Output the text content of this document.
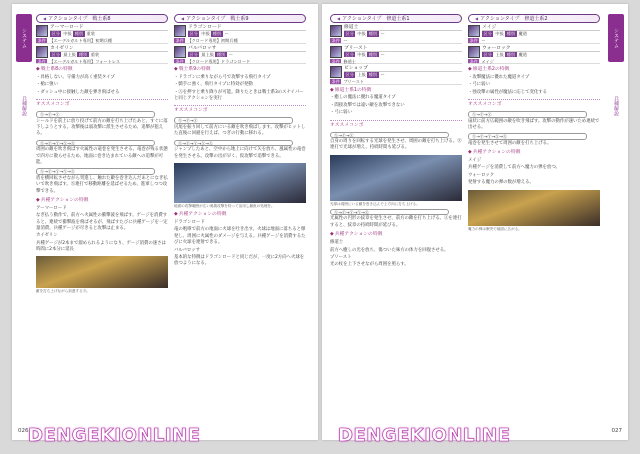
システム
兵種解説
◀ アクションタイプ　戦士系8
アーマーロード
区分 中級
種別 重装
条件 【エーデルガルト専用】初期兵種
カイゼリン
区分 最上級
種別 重装
条件 【エーデルガルト専用】フォートレス
◆ 戦士系8の特徴
・昇格しない。守備力が高く重装タイプ
・槍に強い
・ダッシュ中に接触した敵を弾き飛ばせる
オススメコンボ
Ⓨ→Ⓨ→Ⓧ
シールドを前上に放り投げて前方の敵を打ち上げたあと、すぐに落下しようとする。攻撃後は弱攻撃に派生させるため、追撃が狙える。
Ⓨ→Ⓨ→Ⓨ→Ⓧ→Ⓧ
周囲の敵を吹き飛ばす火属性の竜巻を発生させる。竜巻が残る状態で四方に散らせるため、地面に巻き込まれている敵への追撃が可能。
Ⓨ→Ⓨ→Ⓨ→Ⓨ→Ⓧ
盾を横回転させながら突進し、触れた敵を巻き込んだあとになぎ払いで吹き飛ばす。Ⓧ連打で移動距離を延ばせるため、進軍しつつ攻撃できる。
◆ 兵種アクションの特徴
アーマーロード
なぎ払う動作で、前方へ火属性の衝撃波を飛ばす。ゲージを消費すると、連続で衝撃波を飛ばせるが、飛ばすたびに兵種ゲージを一定量消費。兵種ゲージが尽きると攻撃は止まる。
カイゼリン
兵種ゲージが2本まで溜められるようになり、ゲージ消費の速さは時間に2本分に延長
敵を打ち上げながら前進するⒹ。
◀ アクションタイプ　戦士系9
ドラゴンロード
区分 中級
種別 ー
条件 【クロード専用】初期兵種
バルバロッサ
区分 最上級
種別 ー
条件 【クロード専用】ドラゴンロード
◆ 戦士系9の特徴
・ドラゴンに乗りながら弓で攻撃する飛行タイプ
・騎手に強く、飛行タイプに特効が発動
・Ⓐを押すと乗り降りが可能。降りたときは戦士系3のスナイパーと同じアクションを実行
オススメコンボ
Ⓨ→Ⓨ→Ⓧ
尻尾を振り回して前方にいる敵を吹き飛ばします。攻撃がヒットした直後に回避を行えば、つぎの行動に移れる。
Ⓨ→Ⓨ→Ⓨ→Ⓧ→Ⓧ
ジャンプしたあと、空中から地上に向けて矢を放ち、風属性の竜巻を発生させる。攻撃の出が早く、仮攻撃で追撃できる。
地面の攻撃範囲が広い奥義攻撃を待って活用し雑魚の処理を。
◆ 兵種アクションの特徴
ドラゴンロード
竜の咆哮で前方の地面に火球を吐き出す。火球は地面に落ちると爆発し、周囲に火属性のダメージを与える。兵種ゲージを消費するたびに火球を連射できる。
バルバロッサ
基本的な特徴はドラゴンロードと同じだが、一度に2方向へ火球を放つようになる。
026
システム
兵種解説
◀ アクションタイプ　修道士系1
修道士
区分 中級
種別 ー
条件 ー
プリースト
区分 中級
種別 ー
条件 修道士
ビショップ
区分 上級
種別 ー
条件 プリースト
◆ 修道士系1の特徴
・癒しの魔法に優れる魔道タイプ
・間接攻撃では遠い敵を攻撃できない
・弓に弱い
オススメコンボ
Ⓨ→Ⓨ→Ⓧ
自身の周りを回転する光球を発生させ、周囲の敵を打ち上げる。Ⓧ連打で光球が増え、持続時間も延びる。
光球は周囲にいる敵を巻き込んで上方向に打ち上げる。
Ⓨ→Ⓨ→Ⓨ→Ⓨ→Ⓧ
光属性の円形の紋章を発生させ、前方の敵を打ち上げる。Ⓐを連打すると、紋章の持続時間が延びる。
◆ 兵種アクションの特徴
修道士
前方へ癒しの光を放ち、傷ついた味方の体力を回復させる。
プリースト
光の杖を上下させながら周囲を照らす。
◀ アクションタイプ　修道士系2
メイジ
区分 中級
種別 魔道
条件 ー
ウォーロック
区分 上級
種別 魔道
条件 メイジ
◆ 修道士系2の特徴
・攻撃魔法に優れた魔道タイプ
・弓に弱い
・強攻撃の属性が魔法に応じて変化する
オススメコンボ
Ⓨ→Ⓨ→Ⓧ
扇状に前方広範囲の敵を吹き飛ばす。攻撃の動作が速いため連続で出せる。
Ⓨ→Ⓨ→Ⓨ→Ⓧ→Ⓧ
竜巻を発生させて周囲の敵を打ち上げる。
◆ 兵種アクションの特徴
メイジ
兵種ゲージを消費して前方へ魔力の弾を放つ。
ウォーロック
発射する魔力の弾の数が増える。
魔力の弾は衝突で地面に広がる。
027
DENGEKIONLINE	DENGEKIONLINE
